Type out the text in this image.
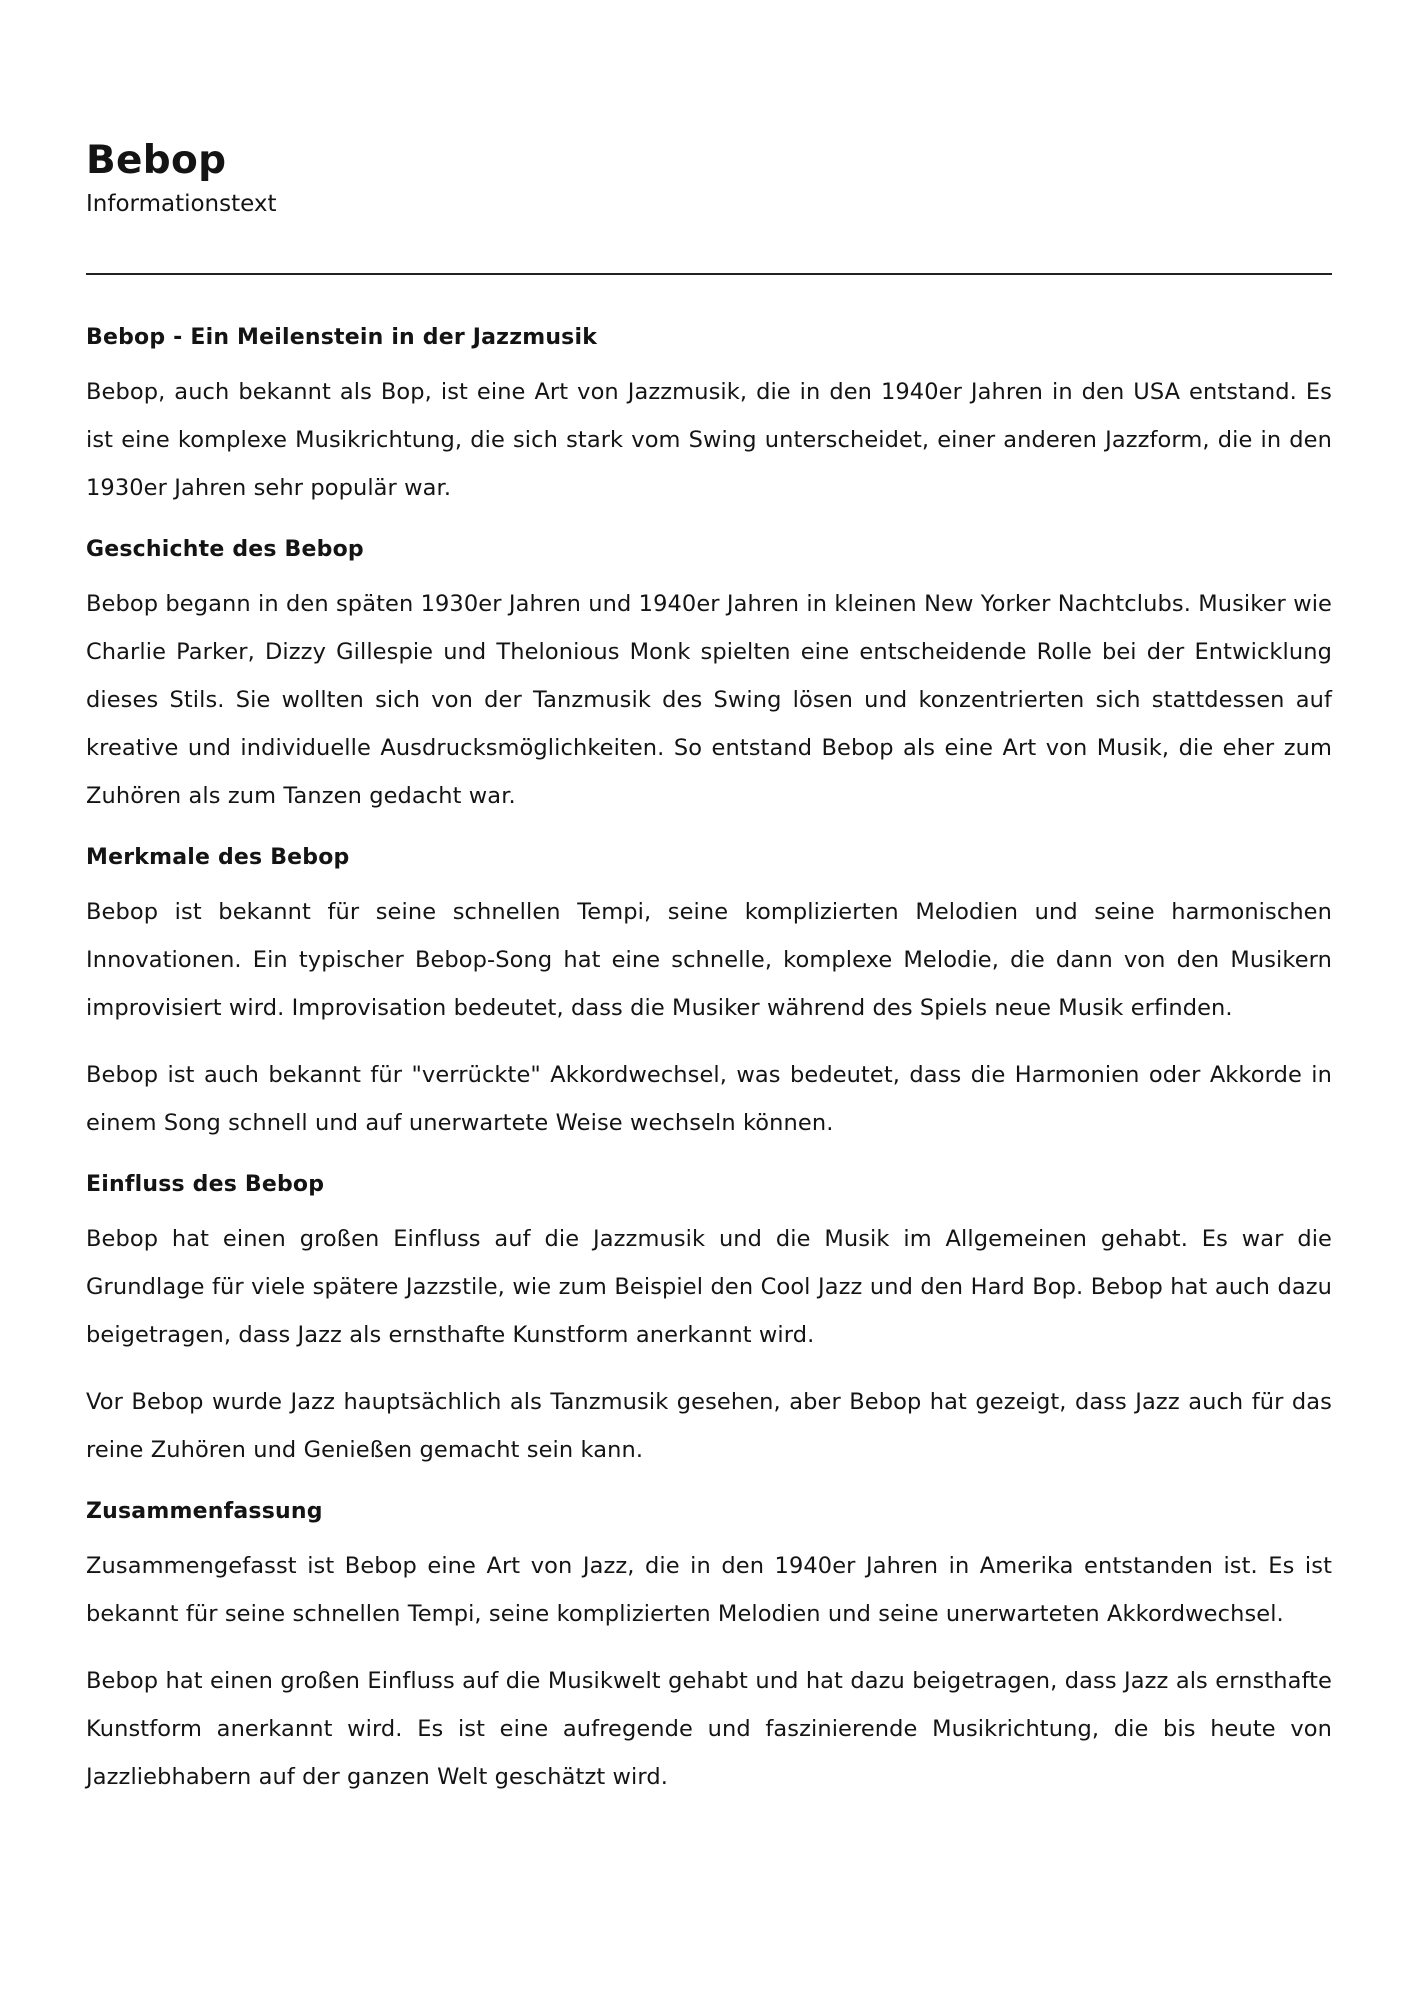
Bebop
Informationstext
Bebop - Ein Meilenstein in der Jazzmusik

Bebop, auch bekannt als Bop, ist eine Art von Jazzmusik, die in den 1940er Jahren in den USA entstand. Es ist eine komplexe Musikrichtung, die sich stark vom Swing unterscheidet, einer anderen Jazzform, die in den 1930er Jahren sehr populär war.

Geschichte des Bebop

Bebop begann in den späten 1930er Jahren und 1940er Jahren in kleinen New Yorker Nachtclubs. Musiker wie Charlie Parker, Dizzy Gillespie und Thelonious Monk spielten eine entscheidende Rolle bei der Entwicklung dieses Stils. Sie wollten sich von der Tanzmusik des Swing lösen und konzentrierten sich stattdessen auf kreative und individuelle Ausdrucksmöglichkeiten. So entstand Bebop als eine Art von Musik, die eher zum Zuhören als zum Tanzen gedacht war.

Merkmale des Bebop

Bebop ist bekannt für seine schnellen Tempi, seine komplizierten Melodien und seine harmonischen Innovationen. Ein typischer Bebop-Song hat eine schnelle, komplexe Melodie, die dann von den Musikern improvisiert wird. Improvisation bedeutet, dass die Musiker während des Spiels neue Musik erfinden.

Bebop ist auch bekannt für "verrückte" Akkordwechsel, was bedeutet, dass die Harmonien oder Akkorde in einem Song schnell und auf unerwartete Weise wechseln können.

Einfluss des Bebop

Bebop hat einen großen Einfluss auf die Jazzmusik und die Musik im Allgemeinen gehabt. Es war die Grundlage für viele spätere Jazzstile, wie zum Beispiel den Cool Jazz und den Hard Bop. Bebop hat auch dazu beigetragen, dass Jazz als ernsthafte Kunstform anerkannt wird.

Vor Bebop wurde Jazz hauptsächlich als Tanzmusik gesehen, aber Bebop hat gezeigt, dass Jazz auch für das reine Zuhören und Genießen gemacht sein kann.

Zusammenfassung

Zusammengefasst ist Bebop eine Art von Jazz, die in den 1940er Jahren in Amerika entstanden ist. Es ist bekannt für seine schnellen Tempi, seine komplizierten Melodien und seine unerwarteten Akkordwechsel.

Bebop hat einen großen Einfluss auf die Musikwelt gehabt und hat dazu beigetragen, dass Jazz als ernsthafte Kunstform anerkannt wird. Es ist eine aufregende und faszinierende Musikrichtung, die bis heute von Jazzliebhabern auf der ganzen Welt geschätzt wird.
